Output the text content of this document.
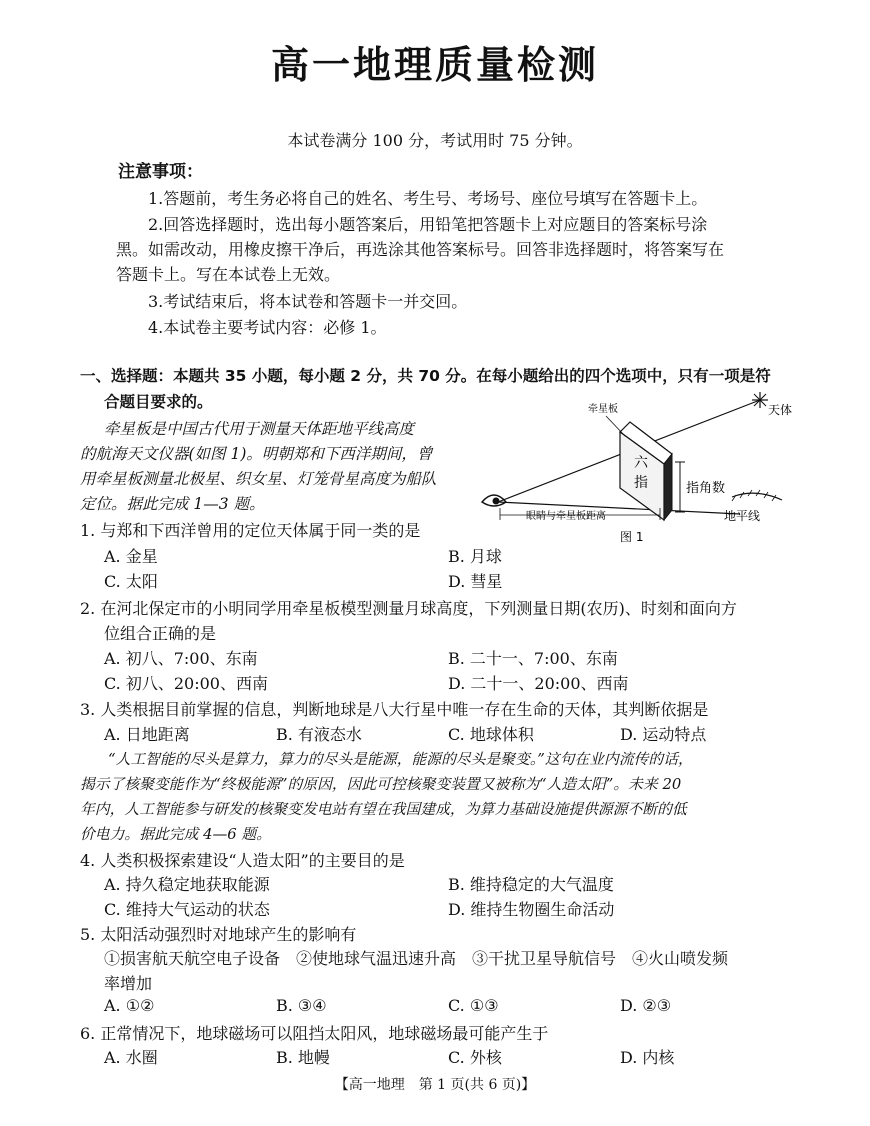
高一地理质量检测
本试卷满分 100 分，考试用时 75 分钟。
注意事项：
1.答题前，考生务必将自己的姓名、考生号、考场号、座位号填写在答题卡上。
2.回答选择题时，选出每小题答案后，用铅笔把答题卡上对应题目的答案标号涂
黑。如需改动，用橡皮擦干净后，再选涂其他答案标号。回答非选择题时，将答案写在
答题卡上。写在本试卷上无效。
3.考试结束后，将本试卷和答题卡一并交回。
4.本试卷主要考试内容：必修 1。
一、选择题：本题共 35 小题，每小题 2 分，共 70 分。在每小题给出的四个选项中，只有一项是符
合题目要求的。
牵星板是中国古代用于测量天体距地平线高度
的航海天文仪器(如图 1)。明朝郑和下西洋期间，曾
用牵星板测量北极星、织女星、灯笼骨星高度为船队
定位。据此完成 1—3 题。
天体
六
指
牵星板
指角数
眼睛与牵星板距离	地平线
图 1
1. 与郑和下西洋曾用的定位天体属于同一类的是
A. 金星	B. 月球
C. 太阳	D. 彗星
2. 在河北保定市的小明同学用牵星板模型测量月球高度，下列测量日期(农历)、时刻和面向方
位组合正确的是
A. 初八、7:00、东南	B. 二十一、7:00、东南
C. 初八、20:00、西南	D. 二十一、20:00、西南
3. 人类根据目前掌握的信息，判断地球是八大行星中唯一存在生命的天体，其判断依据是
A. 日地距离	B. 有液态水	C. 地球体积	D. 运动特点
“人工智能的尽头是算力，算力的尽头是能源，能源的尽头是聚变。”这句在业内流传的话，
揭示了核聚变能作为“终极能源”的原因，因此可控核聚变装置又被称为“人造太阳”。未来 20
年内，人工智能参与研发的核聚变发电站有望在我国建成，为算力基础设施提供源源不断的低
价电力。据此完成 4—6 题。
4. 人类积极探索建设“人造太阳”的主要目的是
A. 持久稳定地获取能源	B. 维持稳定的大气温度
C. 维持大气运动的状态	D. 维持生物圈生命活动
5. 太阳活动强烈时对地球产生的影响有
①损害航天航空电子设备　②使地球气温迅速升高　③干扰卫星导航信号　④火山喷发频
率增加
A. ①②	B. ③④	C. ①③	D. ②③
6. 正常情况下，地球磁场可以阻挡太阳风，地球磁场最可能产生于
A. 水圈	B. 地幔	C. 外核	D. 内核
【高一地理　第 1 页(共 6 页)】
